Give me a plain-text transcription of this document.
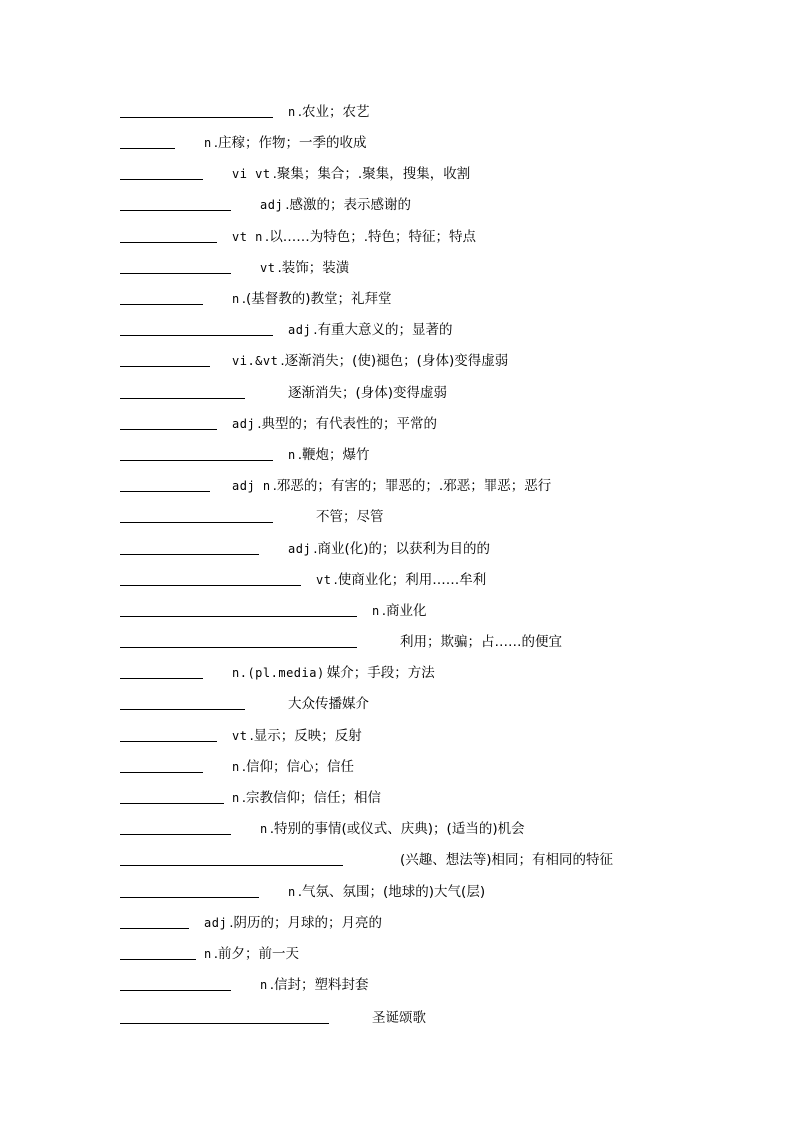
n .农业；农艺
n .庄稼；作物；一季的收成
vi vt .聚集；集合；.聚集，搜集，收割
adj .感激的；表示感谢的
vt n .以……为特色；.特色；特征；特点
vt .装饰；装潢
n .(基督教的)教堂；礼拜堂
adj .有重大意义的；显著的
vi.&vt .逐渐消失；(使)褪色；(身体)变得虚弱
逐渐消失；(身体)变得虚弱
adj .典型的；有代表性的；平常的
n .鞭炮；爆竹
adj n .邪恶的；有害的；罪恶的；.邪恶；罪恶；恶行
不管；尽管
adj .商业(化)的；以获利为目的的
vt .使商业化；利用……牟利
n .商业化
利用；欺骗；占……的便宜
n.(pl.media) 媒介；手段；方法
大众传播媒介
vt .显示；反映；反射
n .信仰；信心；信任
n .宗教信仰；信任；相信
n .特别的事情(或仪式、庆典)；(适当的)机会
(兴趣、想法等)相同；有相同的特征
n .气氛、氛围；(地球的)大气(层)
adj .阴历的；月球的；月亮的
n .前夕；前一天
n .信封；塑料封套
圣诞颂歌
